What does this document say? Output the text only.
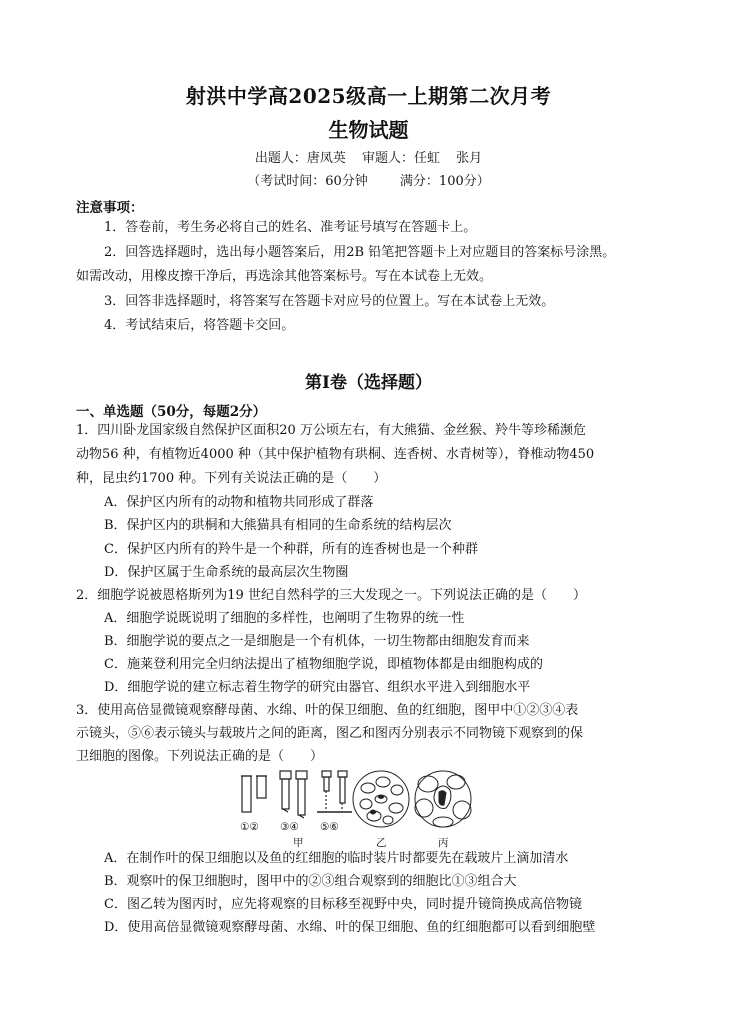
射洪中学高2025级高一上期第二次月考
生物试题
出题人：唐凤英 审题人：任虹 张月
（考试时间：60分钟 满分：100分）
注意事项：
1．答卷前，考生务必将自己的姓名、准考证号填写在答题卡上。
2．回答选择题时，选出每小题答案后，用2B 铅笔把答题卡上对应题目的答案标号涂黑。
如需改动，用橡皮擦干净后，再选涂其他答案标号。写在本试卷上无效。
3．回答非选择题时，将答案写在答题卡对应号的位置上。写在本试卷上无效。
4．考试结束后，将答题卡交回。
第I卷（选择题）
一、单选题（50分，每题2分）
1．四川卧龙国家级自然保护区面积20 万公顷左右，有大熊猫、金丝猴、羚牛等珍稀濒危
动物56 种，有植物近4000 种（其中保护植物有珙桐、连香树、水青树等），脊椎动物450
种，昆虫约1700 种。下列有关说法正确的是（　　）
A．保护区内所有的动物和植物共同形成了群落
B．保护区内的珙桐和大熊猫具有相同的生命系统的结构层次
C．保护区内所有的羚牛是一个种群，所有的连香树也是一个种群
D．保护区属于生命系统的最高层次生物圈
2．细胞学说被恩格斯列为19 世纪自然科学的三大发现之一。下列说法正确的是（　　）
A．细胞学说既说明了细胞的多样性，也阐明了生物界的统一性
B．细胞学说的要点之一是细胞是一个有机体，一切生物都由细胞发育而来
C．施莱登利用完全归纳法提出了植物细胞学说，即植物体都是由细胞构成的
D．细胞学说的建立标志着生物学的研究由器官、组织水平进入到细胞水平
3．使用高倍显微镜观察酵母菌、水绵、叶的保卫细胞、鱼的红细胞，图甲中①②③④表
示镜头，⑤⑥表示镜头与载玻片之间的距离，图乙和图丙分别表示不同物镜下观察到的保
卫细胞的图像。下列说法正确的是（　　）
①② ③④ ⑤⑥
甲	乙	丙
A．在制作叶的保卫细胞以及鱼的红细胞的临时装片时都要先在载玻片上滴加清水
B．观察叶的保卫细胞时，图甲中的②③组合观察到的细胞比①③组合大
C．图乙转为图丙时，应先将观察的目标移至视野中央，同时提升镜筒换成高倍物镜
D．使用高倍显微镜观察酵母菌、水绵、叶的保卫细胞、鱼的红细胞都可以看到细胞壁
